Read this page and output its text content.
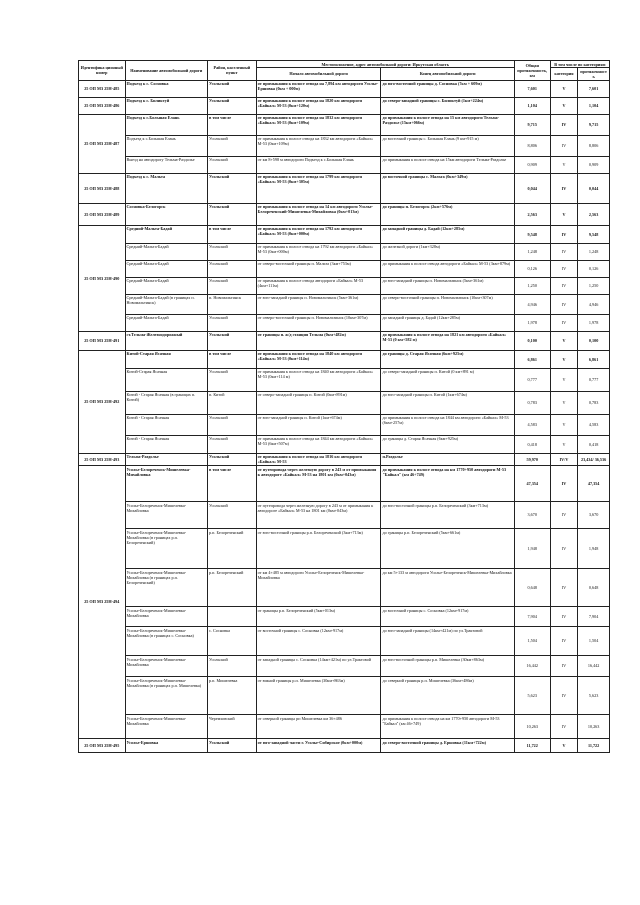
Идентифика ционный номер	Наименование автомобильной дороги	Район, населенный пункт	Местоположение, адрес автомобильной дороги: Иркутская область		Общая протяженность, км	В том числе по категориям	
			Начало автомобильной дороги	Конец автомобильной дороги		категория	протяженность
25 ОП МЗ 25Н-485	Подъезд к с. Сосновка	Усольский	от примыкания к полосе отвода на 7,894 км автодороги Усолье-Ершовка (0км + 000м)	до юго-восточной границы д. Сосновка (7км + 609м)	7,601	V	7,601
25 ОП МЗ 25Н-486	Подъезд к с. Биликтуй	Усольский	от примыкания к полосе отвода на 1820 км автодороги «Байкал» М-53 (0км+120м)	до северо-западной границы с. Биликтуй (1км+224м)	1,104	V	1,104
25 ОП МЗ 25Н-487	Подъезд к с.Большая Елань	в том числе	от примыкания к полосе отвода на 1832 км автодороги «Байкал» М-53 (0км+109м)	до примыкания к полосе отвода на 15 км автодороги Тельма-Раздолье (15км+066м)	9,715	IV	9,715
	Подъезд к с.Большая Елань	Усольский	от примыкания к полосе отвода на 1832 км автодороги «Байкал» М-53 (0км+109м)	до восточной границы с. Большая Елань (9 км+915 м)	8,806	IV	8,806
	Выезд на автодорогу Тельма-Раздолье	Усольский	от км 8+598 м автодороги Подъезд к с.Большая Елань	до примыкания к полосе отвода на 15км автодороги Тельма-Раздолье	0,909	V	0,909
25 ОП МЗ 25Н-488	Подъезд к с. Мальта	Усольский	от примыкания к полосе отвода на 1799 км автодороги «Байкал» М-53 (0км+305м)	до восточной границы с. Мальта (0км+349м)	0,044	IV	0,044
25 ОП МЗ 25Н-489	Сосновка-Белогорск	Усольский	от примыкания к полосе отвода на 14 км автодороги Усолье-Белореченский-Мишелевка-Михайловка (0км+013м)	до границы п. Белогорск (2км+576м)	2,563	V	2,563
25 ОП МЗ 25Н-490	Средний-Мальта-Бадай	в том числе	от примыкания к полосе отвода на 1792 км автодороги «Байкал» М-53 (0км+000м)	до западной границы д. Бадай (12км+285м)	9,548	IV	9,548
	Средний-Мальта-Бадай	Усольский	от примыкания к полосе отвода на 1792 км автодороги «Байкал» М-53 (0км+000м)	до железной дороги (1км+328м)	1,248	IV	1,248
	Средний-Мальта-Бадай	Усольский	от северо-восточной границы п. Мальта (3км+753м)	до примыкания к полосе отвода автодороги «Байкал» М-53 (3км+879м)	0,126	IV	0,126
	Средний-Мальта-Бадай	Усольский	от примыкания к полосе отвода автодороги «Байкал» М-53 (4км+111м)	до юго-западной границы п. Новомальтинск (5км+361м)	1,250	IV	1,250
	Средний-Мальта-Бадай (в границах п. Новомальтинск)	п. Новомальтинск	от юго-западной границы п. Новомальтинск (5км+361м)	до северо-восточной границы п. Новомальтинск (10км+307м)	4,946	IV	4,946
	Средний-Мальта-Бадай	Усольский	от северо-восточной границы п. Новомальтинск (10км+307м)	до западной границы д. Бадай (12км+285м)	1,978	IV	1,978
25 ОП МЗ 25Н-491	ст.Тельма-Железнодорожный	Усольский	от границы п. ж/д станция Тельма (0км+482м)	до примыкания к полосе отвода на 1821 км автодороги «Байкал» М-53 (0 км+582 м)	0,100	V	0,100
25 ОП МЗ 25Н-492	Китой-Старая Ясачная	в том числе	от примыкания к полосе отвода на 1840 км автодороги «Байкал» М-53 (0км+114м)	до границы д. Старая Ясачная (6км+925м)	6,861	V	6,861
	Китой-Старая Ясачная	Усольский	от примыкания к полосе отвода на 1840 км автодороги «Байкал» М-53 (0км+114 м)	до северо-западной границы п. Китой (0 км+891 м)	0,777	V	0,777
	Китой - Старая Ясачная (в границах п. Китой)	п. Китой	от северо-западной границы п. Китой (0км+891м)	до юго-западной границы п. Китой (1км+674м)	0,783	V	0,783
	Китой - Старая Ясачная	Усольский	от юго-западной границы п. Китой (1км+674м)	до примыкания к полосе отвода на 1844 км автодороги «Байкал» М-53 (6км+257м)	4,583	V	4,583
	Китой - Старая Ясачная	Усольский	от примыкания к полосе отвода на 1844 км автодороги «Байкал» М-53 (6км+507м)	до границы д. Старая Ясачная (6км+925м)	0,418	V	0,418
25 ОП МЗ 25Н-493	Тельма-Раздолье	Усольский	от примыкания к полосе отвода на 1816 км автодороги «Байкал» М-53	п.Раздолье	59,970	IV/V	23,434/ 36,536
25 ОП МЗ 25Н-494	Усолье-Белореченск-Мишелевка-Михайловка	в том числе	от путепровода через железную дорогу в 243 м от примыкания к автодороге «Байкал» М-53 на 1801 км (0км+043м)	до примыкания к полосе отвода на км 1770+950 автодороги М-53 "Байкал" (км 46+749)	47,354	IV	47,354
	Усолье-Белореченск-Мишелевка-Михайловка	Усольский	от путепровода через железную дорогу в 243 м от примыкания к автодороге «Байкал» М-53 на 1801 км (0км+043м)	до юго-восточной границы р.п. Белореченский (3км+713м)	3,670	IV	3,670
	Усолье-Белореченск-Мишелевка-Михайловка (в границах р.п. Белореченский)	р.п. Белореченский	от юго-восточной границы р.п. Белореченский (3км+713м)	до границы р.п. Белореченский (5км+661м)	1,948	IV	1,948
	Усолье-Белореченск-Мишелевка-Михайловка (в границах р.п. Белореченский)	р.п. Белореченский	от км 4+485 м автодороги Усолье-Белореченск-Мишелевка-Михайловка	до км 5+133 м автодороги Усолье-Белореченск-Мишелевка-Михайловка	0,648	IV	0,648
	Усолье-Белореченск-Мишелевка-Михайловка		от границы р.п. Белореченский (5км+013м)	до восточной границы с. Сосновка (12км+917м)	7,904	IV	7,904
	Усолье-Белореченск-Мишелевка-Михайловка (в границах с. Сосновка)	с. Сосновка	от восточной границы с. Сосновка (12км+917м)	до юго-западной границы (14км+421м) по ул.Трактовой	1,504	IV	1,504
	Усолье-Белореченск-Мишелевка-Михайловка	Усольский	от западной границы с. Сосновка (14км+421м) по ул.Трактовой	до юго-восточной границы р.п. Мишелевка (30км+863м)	16,442	IV	16,442
	Усолье-Белореченск-Мишелевка-Михайловка (в границах р.п. Мишелевка)	р.п. Мишелевка	от южной границы р.п. Мишелевка (30км+863м)	до северной границы р.п. Мишелевка (36км+486м)	5,623	IV	5,623
	Усолье-Белореченск-Мишелевка-Михайловка	Черемховский	от северной границы рп Мишелевка км 36+486	до примыкания к полосе отвода на км 1770+950 автодороги М-53 "Байкал" (км 46+749)	10,263	IV	10,263
25 ОП МЗ 25Н-495	Усолье-Ершовка	Усольский	от юго-западной части г. Усолье-Сибирское (0км+000м)	до северо-восточной границы д. Ершовка (11км+722м)	11,722	V	11,722
